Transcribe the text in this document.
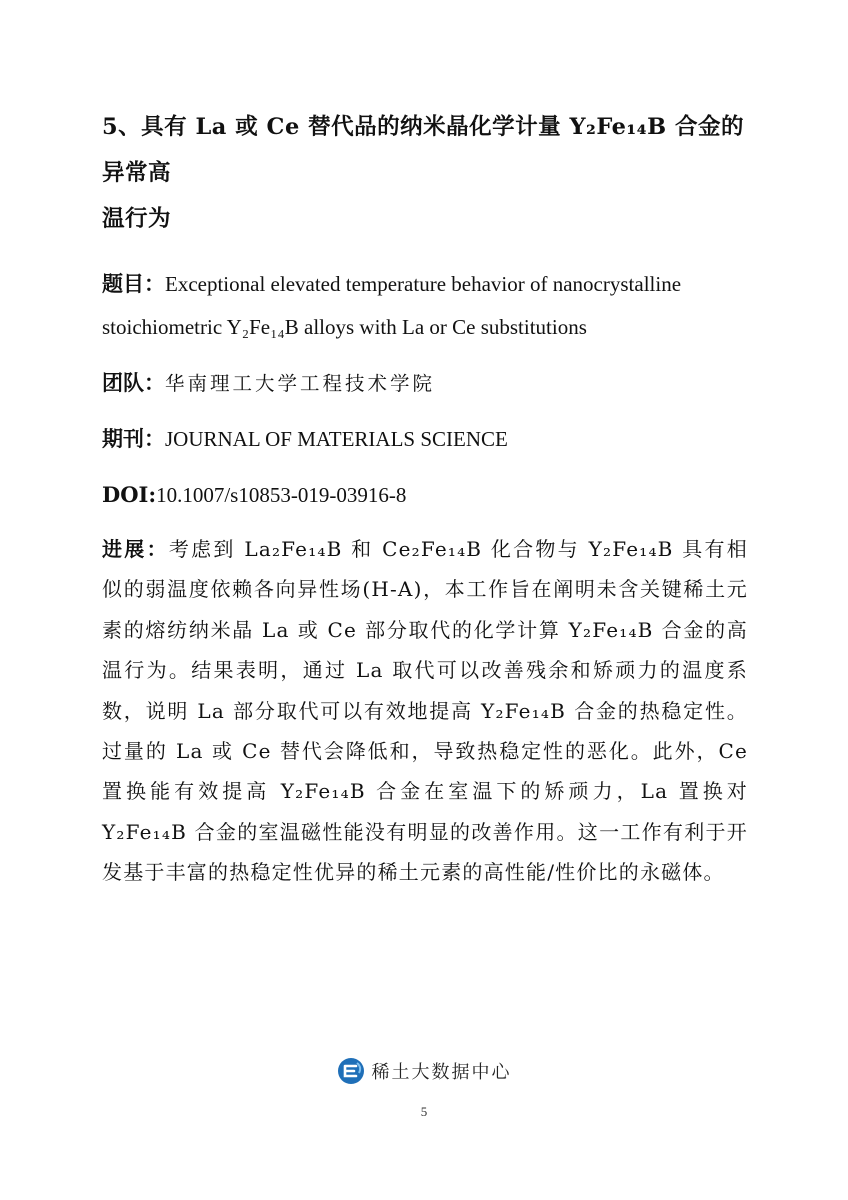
5、具有 La 或 Ce 替代品的纳米晶化学计量 Y₂Fe₁₄B 合金的异常高
温行为

题目：Exceptional elevated temperature behavior of nanocrystalline stoichiometric Y₂Fe₁₄B alloys with La or Ce substitutions
团队：华南理工大学工程技术学院
期刊：JOURNAL OF MATERIALS SCIENCE
DOI:10.1007/s10853-019-03916-8
进展：考虑到 La₂Fe₁₄B 和 Ce₂Fe₁₄B 化合物与 Y₂Fe₁₄B 具有相似的弱温度依赖各向异性场(H-A)，本工作旨在阐明未含关键稀土元素的熔纺纳米晶 La 或 Ce 部分取代的化学计算 Y₂Fe₁₄B 合金的高温行为。结果表明，通过 La 取代可以改善残余和矫顽力的温度系数，说明 La 部分取代可以有效地提高 Y₂Fe₁₄B 合金的热稳定性。过量的 La 或 Ce 替代会降低和，导致热稳定性的恶化。此外，Ce 置换能有效提高 Y₂Fe₁₄B 合金在室温下的矫顽力，La 置换对 Y₂Fe₁₄B 合金的室温磁性能没有明显的改善作用。这一工作有利于开发基于丰富的热稳定性优异的稀土元素的高性能/性价比的永磁体。
稀土大数据中心
5
